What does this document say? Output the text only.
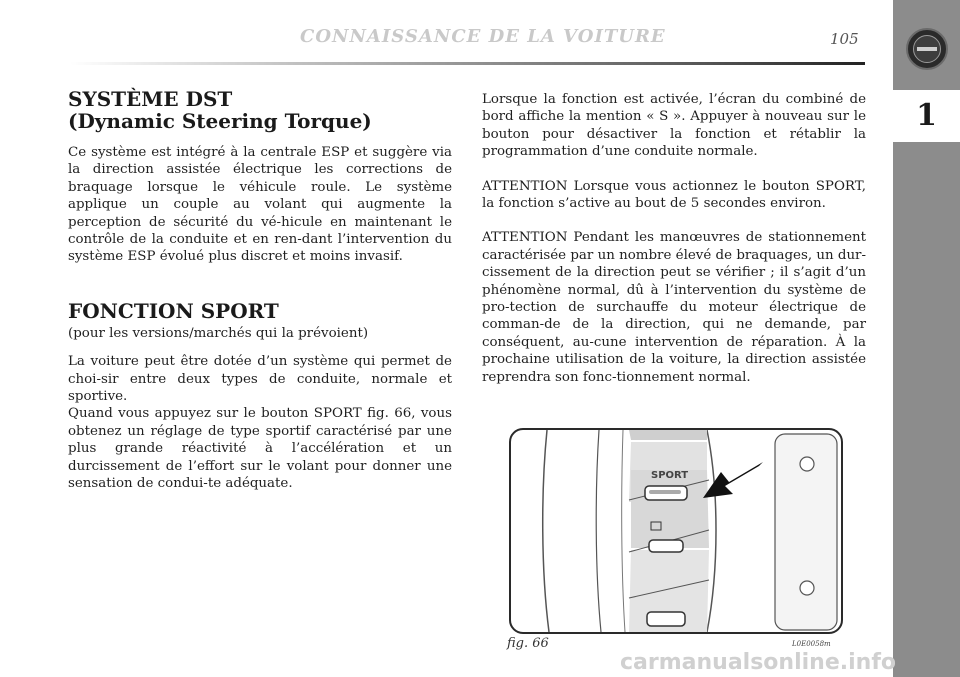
CONNAISSANCE DE LA VOITURE	105
1
SYSTÈME DST
(Dynamic Steering Torque)

Ce système est intégré à la centrale ESP et suggère via la direction assistée électrique les corrections de braquage lorsque le véhicule roule. Le système applique un couple au volant qui augmente la perception de sécurité du vé-hicule en maintenant le contrôle de la conduite et en ren-dant l’intervention du système ESP évolué plus discret et moins invasif.

FONCTION SPORT

(pour les versions/marchés qui la prévoient)

La voiture peut être dotée d’un système qui permet de choi-sir entre deux types de conduite, normale et sportive.

Quand vous appuyez sur le bouton SPORT fig. 66, vous obtenez un réglage de type sportif caractérisé par une plus grande réactivité à l’accélération et un durcissement de l’effort sur le volant pour donner une sensation de condui-te adéquate.

Lorsque la fonction est activée, l’écran du combiné de bord affiche la mention « S ». Appuyer à nouveau sur le bouton pour désactiver la fonction et rétablir la programmation d’une conduite normale.

ATTENTION Lorsque vous actionnez le bouton SPORT, la fonction s’active au bout de 5 secondes environ.

ATTENTION Pendant les manœuvres de stationnement caractérisée par un nombre élevé de braquages, un dur-cissement de la direction peut se vérifier ; il s’agit d’un phénomène normal, dû à l’intervention du système de pro-tection de surchauffe du moteur électrique de comman-de de la direction, qui ne demande, par conséquent, au-cune intervention de réparation. À la prochaine utilisation de la voiture, la direction assistée reprendra son fonc-tionnement normal.

SPORT
fig. 66	L0E0058m
carmanualsonline.info
